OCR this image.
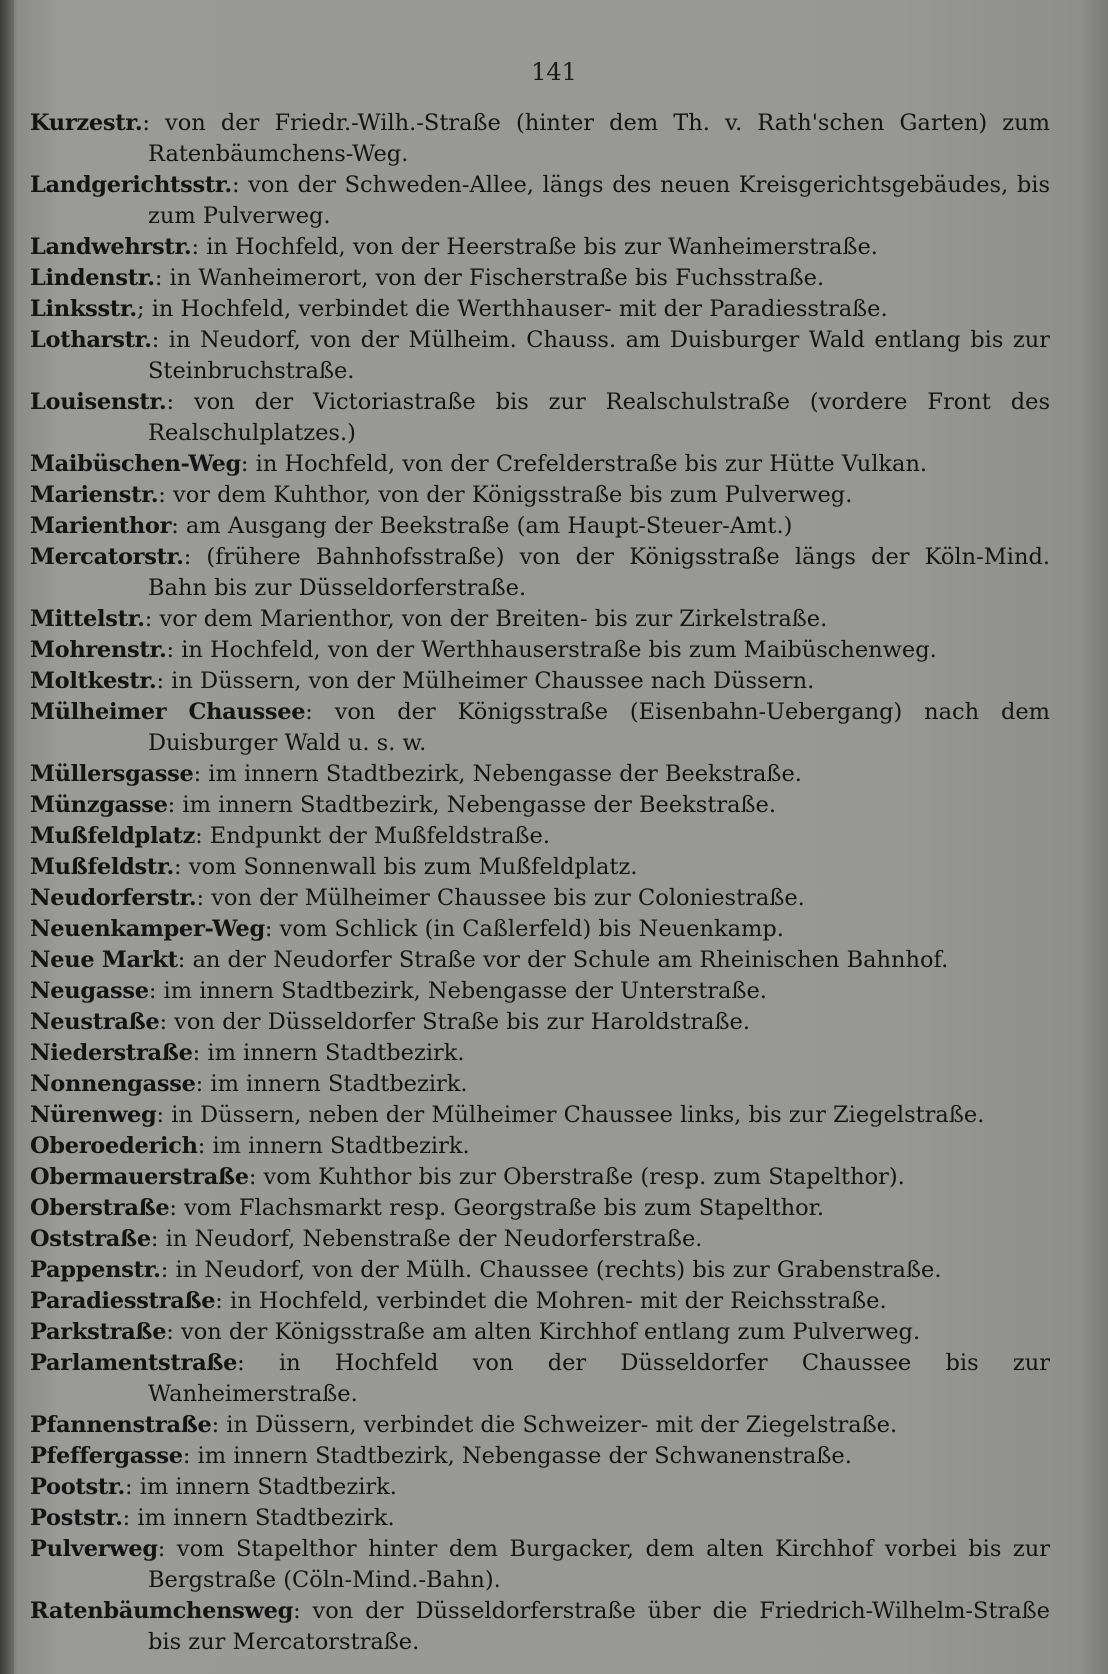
141

Kurzestr.: von der Friedr.-Wilh.-Straße (hinter dem Th. v. Rath'schen Garten) zum Ratenbäumchens-Weg.

Landgerichtsstr.: von der Schweden-Allee, längs des neuen Kreisgerichtsgebäudes, bis zum Pulverweg.

Landwehrstr.: in Hochfeld, von der Heerstraße bis zur Wanheimerstraße.

Lindenstr.: in Wanheimerort, von der Fischerstraße bis Fuchsstraße.

Linksstr.; in Hochfeld, verbindet die Werthhauser- mit der Paradiesstraße.

Lotharstr.: in Neudorf, von der Mülheim. Chauss. am Duisburger Wald entlang bis zur Steinbruchstraße.

Louisenstr.: von der Victoriastraße bis zur Realschulstraße (vordere Front des Realschulplatzes.)

Maibüschen-Weg: in Hochfeld, von der Crefelderstraße bis zur Hütte Vulkan.

Marienstr.: vor dem Kuhthor, von der Königsstraße bis zum Pulverweg.

Marienthor: am Ausgang der Beekstraße (am Haupt-Steuer-Amt.)

Mercatorstr.: (frühere Bahnhofsstraße) von der Königsstraße längs der Köln-Mind. Bahn bis zur Düsseldorferstraße.

Mittelstr.: vor dem Marienthor, von der Breiten- bis zur Zirkelstraße.

Mohrenstr.: in Hochfeld, von der Werthhauserstraße bis zum Maibüschenweg.

Moltkestr.: in Düssern, von der Mülheimer Chaussee nach Düssern.

Mülheimer Chaussee: von der Königsstraße (Eisenbahn-Uebergang) nach dem Duisburger Wald u. s. w.

Müllersgasse: im innern Stadtbezirk, Nebengasse der Beekstraße.

Münzgasse: im innern Stadtbezirk, Nebengasse der Beekstraße.

Mußfeldplatz: Endpunkt der Mußfeldstraße.

Mußfeldstr.: vom Sonnenwall bis zum Mußfeldplatz.

Neudorferstr.: von der Mülheimer Chaussee bis zur Coloniestraße.

Neuenkamper-Weg: vom Schlick (in Caßlerfeld) bis Neuenkamp.

Neue Markt: an der Neudorfer Straße vor der Schule am Rheinischen Bahnhof.

Neugasse: im innern Stadtbezirk, Nebengasse der Unterstraße.

Neustraße: von der Düsseldorfer Straße bis zur Haroldstraße.

Niederstraße: im innern Stadtbezirk.

Nonnengasse: im innern Stadtbezirk.

Nürenweg: in Düssern, neben der Mülheimer Chaussee links, bis zur Ziegelstraße.

Oberoederich: im innern Stadtbezirk.

Obermauerstraße: vom Kuhthor bis zur Oberstraße (resp. zum Stapelthor).

Oberstraße: vom Flachsmarkt resp. Georgstraße bis zum Stapelthor.

Oststraße: in Neudorf, Nebenstraße der Neudorferstraße.

Pappenstr.: in Neudorf, von der Mülh. Chaussee (rechts) bis zur Grabenstraße.

Paradiesstraße: in Hochfeld, verbindet die Mohren- mit der Reichsstraße.

Parkstraße: von der Königsstraße am alten Kirchhof entlang zum Pulverweg.

Parlamentstraße: in Hochfeld von der Düsseldorfer Chaussee bis zur Wanheimerstraße.

Pfannenstraße: in Düssern, verbindet die Schweizer- mit der Ziegelstraße.

Pfeffergasse: im innern Stadtbezirk, Nebengasse der Schwanenstraße.

Pootstr.: im innern Stadtbezirk.

Poststr.: im innern Stadtbezirk.

Pulverweg: vom Stapelthor hinter dem Burgacker, dem alten Kirchhof vorbei bis zur Bergstraße (Cöln-Mind.-Bahn).

Ratenbäumchensweg: von der Düsseldorferstraße über die Friedrich-Wilhelm-Straße bis zur Mercatorstraße.
